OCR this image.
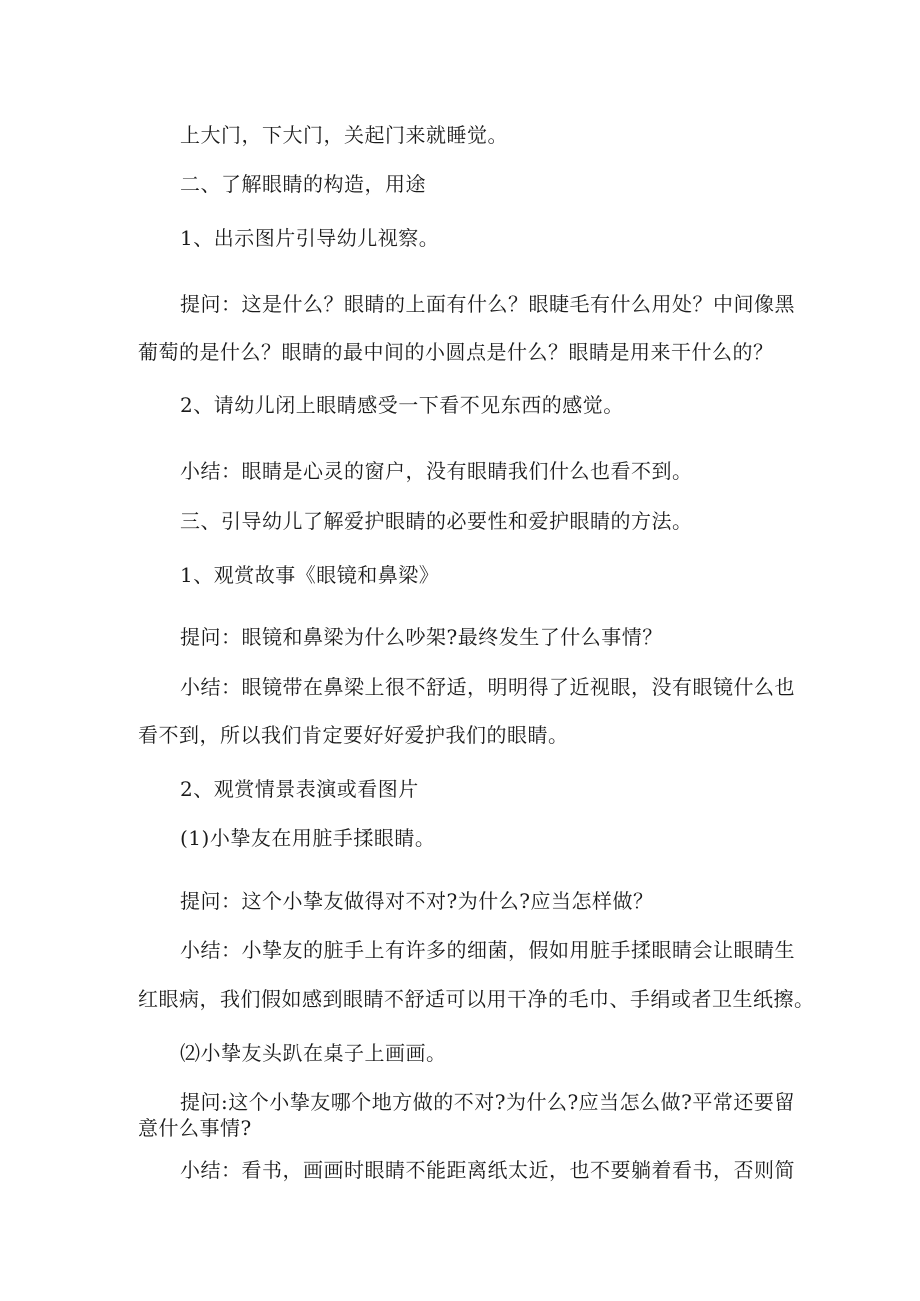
上大门，下大门，关起门来就睡觉。
二、了解眼睛的构造，用途
1、出示图片引导幼儿视察。
提问：这是什么？眼睛的上面有什么？眼睫毛有什么用处？中间像黑
葡萄的是什么？眼睛的最中间的小圆点是什么？眼睛是用来干什么的？
2、请幼儿闭上眼睛感受一下看不见东西的感觉。
小结：眼睛是心灵的窗户，没有眼睛我们什么也看不到。
三、引导幼儿了解爱护眼睛的必要性和爱护眼睛的方法。
1、观赏故事《眼镜和鼻梁》
提问：眼镜和鼻梁为什么吵架?最终发生了什么事情？
小结：眼镜带在鼻梁上很不舒适，明明得了近视眼，没有眼镜什么也
看不到，所以我们肯定要好好爱护我们的眼睛。
2、观赏情景表演或看图片
(1)小挚友在用脏手揉眼睛。
提问：这个小挚友做得对不对?为什么?应当怎样做？
小结：小挚友的脏手上有许多的细菌，假如用脏手揉眼睛会让眼睛生
红眼病，我们假如感到眼睛不舒适可以用干净的毛巾、手绢或者卫生纸擦。
⑵小挚友头趴在桌子上画画。
提问:这个小挚友哪个地方做的不对?为什么?应当怎么做?平常还要留
意什么事情?
小结：看书，画画时眼睛不能距离纸太近，也不要躺着看书，否则简
